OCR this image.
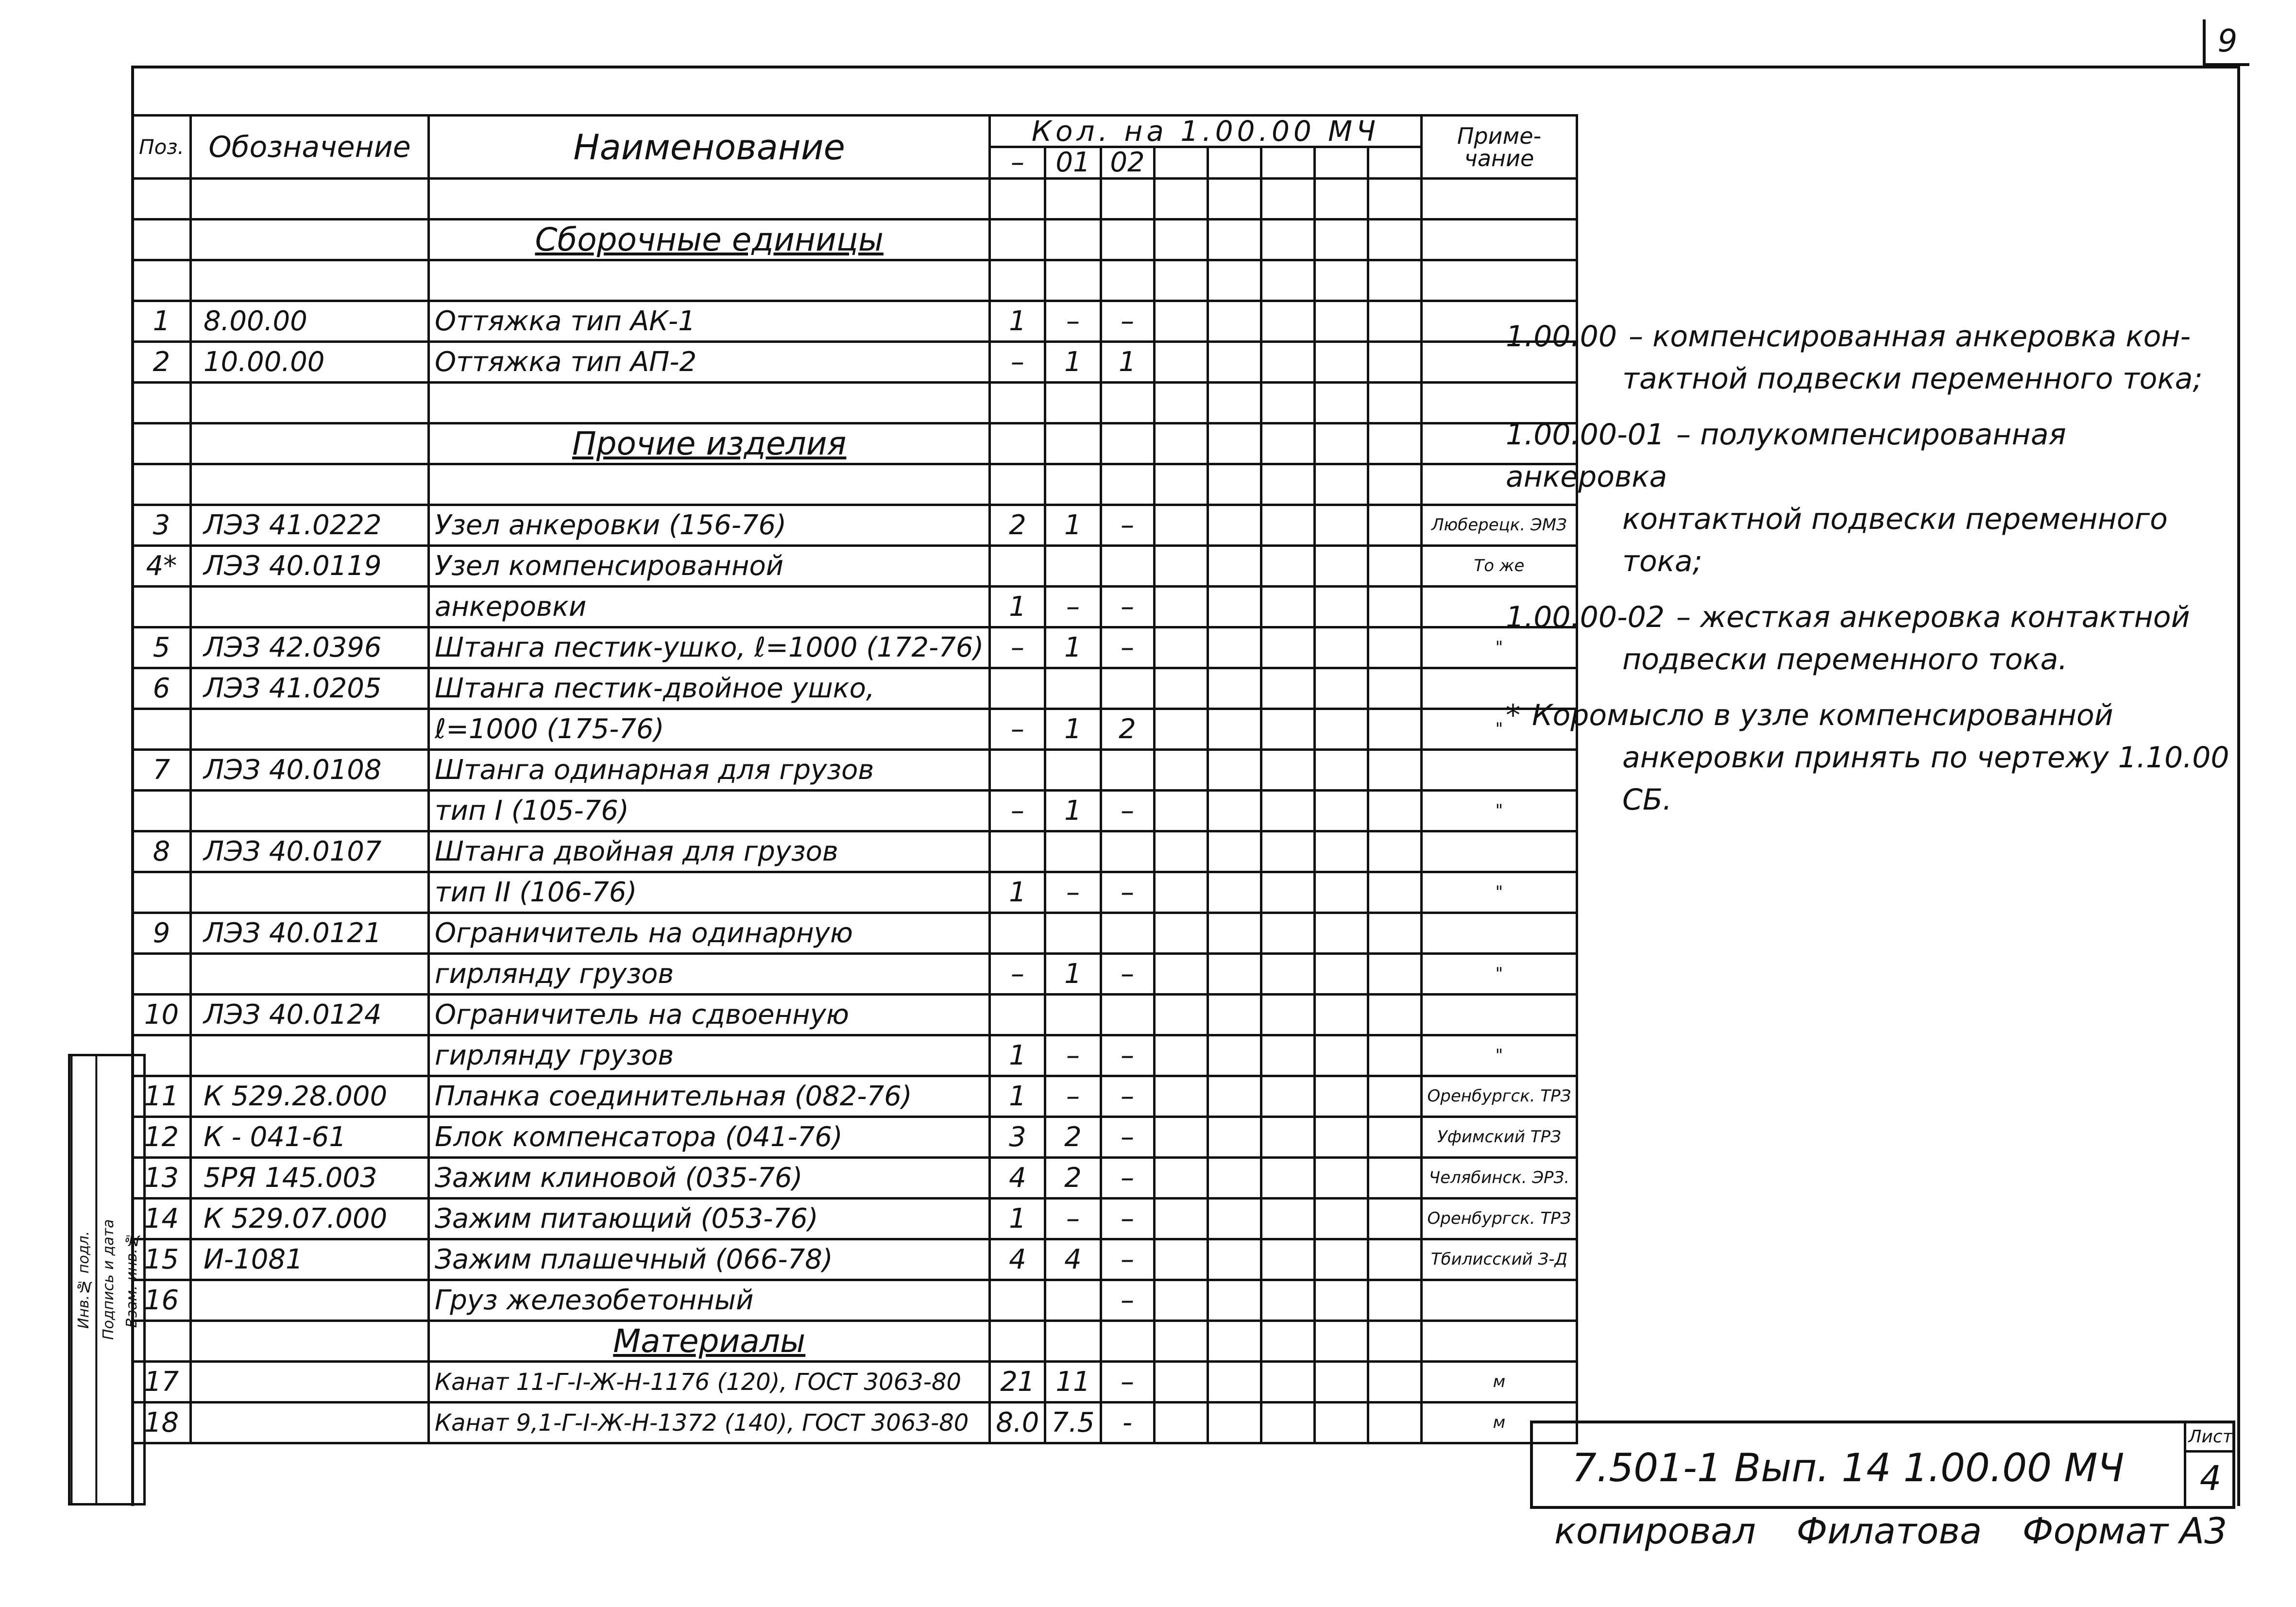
9
Поз.	Обозначение	Наименование	Кол. на 1.00.00 МЧ								Приме- чание
			–	01	02						

		Сборочные единицы									

1	8.00.00	Оттяжка тип АК-1	1	–	–						
2	10.00.00	Оттяжка тип АП-2	–	1	1						

		Прочие изделия									

3	ЛЭЗ 41.0222	Узел анкеровки (156-76)	2	1	–						Люберецк. ЭМЗ
4*	ЛЭЗ 40.0119	Узел компенсированной									То же
		анкеровки	1	–	–						
5	ЛЭЗ 42.0396	Штанга пестик-ушко, ℓ=1000 (172-76)	–	1	–						"
6	ЛЭЗ 41.0205	Штанга пестик-двойное ушко,									
		ℓ=1000 (175-76)	–	1	2						"
7	ЛЭЗ 40.0108	Штанга одинарная для грузов									
		тип I (105-76)	–	1	–						"
8	ЛЭЗ 40.0107	Штанга двойная для грузов									
		тип II (106-76)	1	–	–						"
9	ЛЭЗ 40.0121	Ограничитель на одинарную									
		гирлянду грузов	–	1	–						"
10	ЛЭЗ 40.0124	Ограничитель на сдвоенную									
		гирлянду грузов	1	–	–						"
11	К 529.28.000	Планка соединительная (082-76)	1	–	–						Оренбургск. ТРЗ
12	К - 041-61	Блок компенсатора (041-76)	3	2	–						Уфимский ТРЗ
13	5РЯ 145.003	Зажим клиновой (035-76)	4	2	–						Челябинск. ЭРЗ.
14	К 529.07.000	Зажим питающий (053-76)	1	–	–						Оренбургск. ТРЗ
15	И-1081	Зажим плашечный (066-78)	4	4	–						Тбилисский З-Д
16		Груз железобетонный			–						
		Материалы									
17		Канат 11-Г-I-Ж-Н-1176 (120), ГОСТ 3063-80	21	11	–						м
18		Канат 9,1-Г-I-Ж-Н-1372 (140), ГОСТ 3063-80	8.0	7.5	-						м
Инв.№ подл. Подпись и дата Взам. инв.№

1.00.00 – компенсированная анкеровка кон-
тактной подвески переменного тока;

1.00.00-01 – полукомпенсированная анкеровка
контактной подвески переменного тока;

1.00.00-02 – жесткая анкеровка контактной
подвески переменного тока.

* Коромысло в узле компенсированной
анкеровки принять по чертежу 1.10.00 СБ.

7.501-1 Вып. 14 1.00.00 МЧ
Лист
4
копировал Филатова Формат А3
